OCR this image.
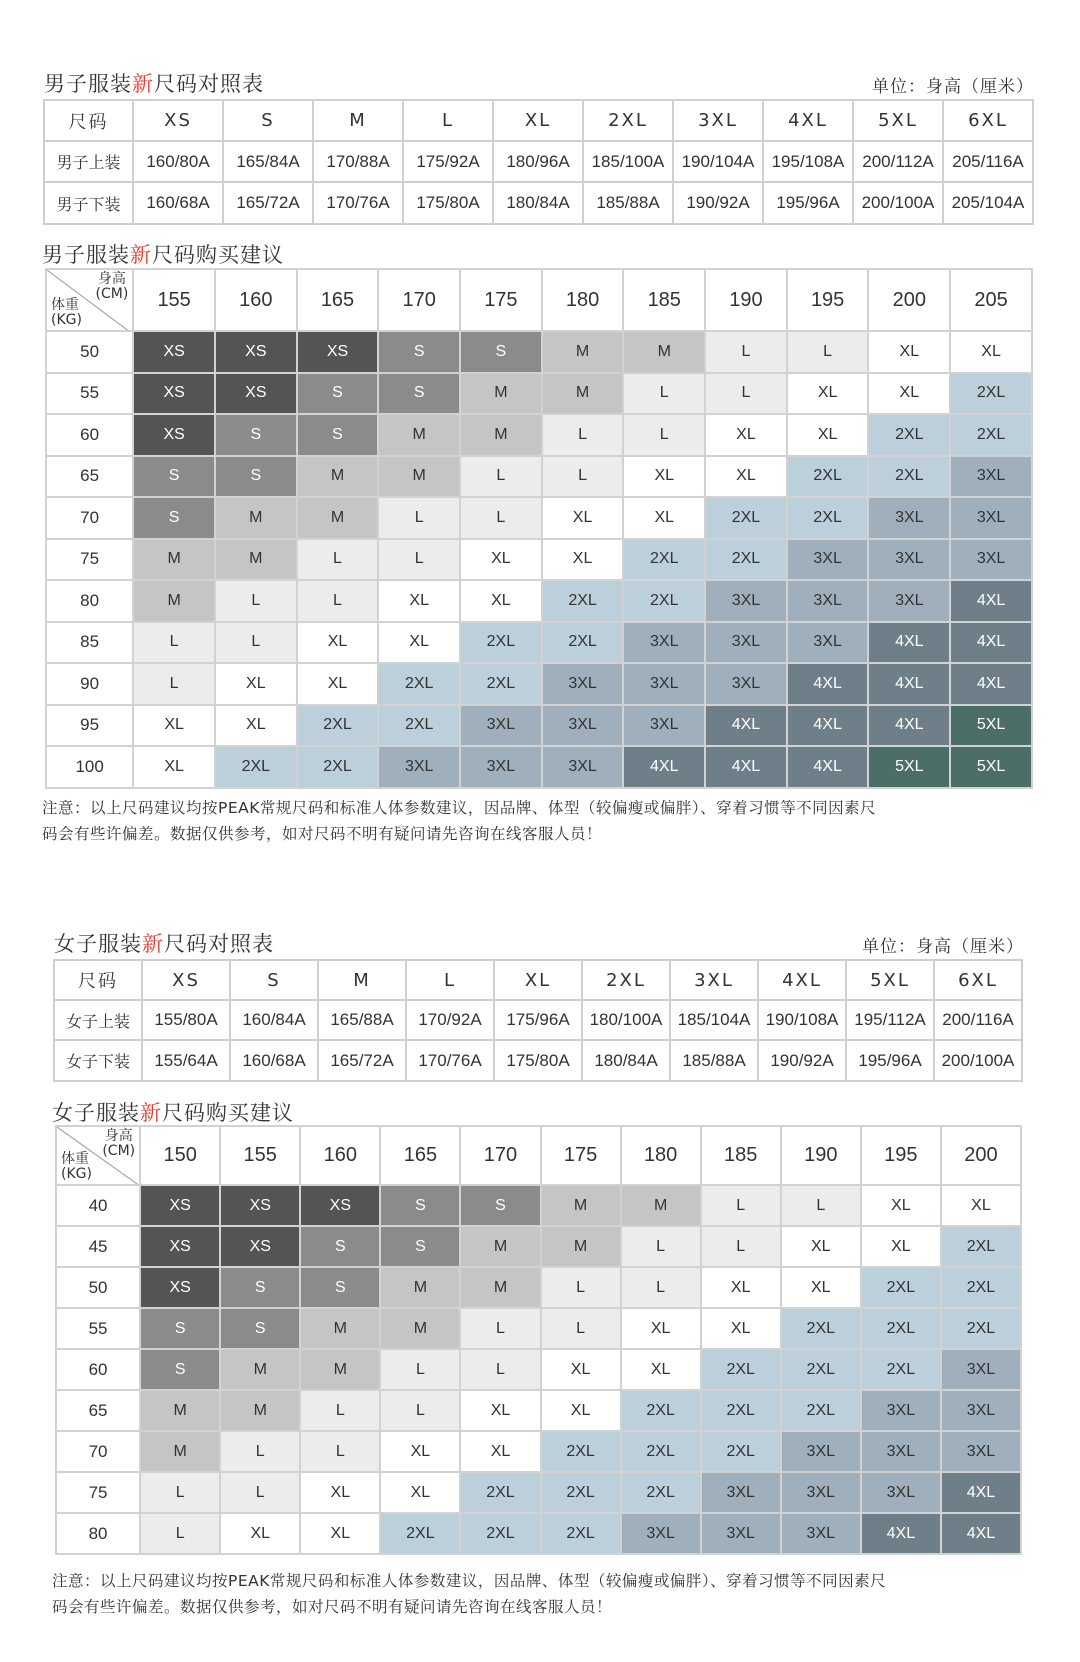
男子服装新尺码对照表	单位：身高（厘米）
尺码	XS	S	M	L	XL	2XL	3XL	4XL	5XL	6XL
男子上装	160/80A	165/84A	170/88A	175/92A	180/96A	185/100A	190/104A	195/108A	200/112A	205/116A
男子下装	160/68A	165/72A	170/76A	175/80A	180/84A	185/88A	190/92A	195/96A	200/100A	205/104A
男子服装新尺码购买建议
身高
(CM)
体重
(KG)	155	160	165	170	175	180	185	190	195	200	205
50	XS	XS	XS	S	S	M	M	L	L	XL	XL
55	XS	XS	S	S	M	M	L	L	XL	XL	2XL
60	XS	S	S	M	M	L	L	XL	XL	2XL	2XL
65	S	S	M	M	L	L	XL	XL	2XL	2XL	3XL
70	S	M	M	L	L	XL	XL	2XL	2XL	3XL	3XL
75	M	M	L	L	XL	XL	2XL	2XL	3XL	3XL	3XL
80	M	L	L	XL	XL	2XL	2XL	3XL	3XL	3XL	4XL
85	L	L	XL	XL	2XL	2XL	3XL	3XL	3XL	4XL	4XL
90	L	XL	XL	2XL	2XL	3XL	3XL	3XL	4XL	4XL	4XL
95	XL	XL	2XL	2XL	3XL	3XL	3XL	4XL	4XL	4XL	5XL
100	XL	2XL	2XL	3XL	3XL	3XL	4XL	4XL	4XL	5XL	5XL
注意：以上尺码建议均按PEAK常规尺码和标准人体参数建议，因品牌、体型（较偏瘦或偏胖）、穿着习惯等不同因素尺
码会有些许偏差。数据仅供参考，如对尺码不明有疑问请先咨询在线客服人员！
女子服装新尺码对照表	单位：身高（厘米）
尺码	XS	S	M	L	XL	2XL	3XL	4XL	5XL	6XL
女子上装	155/80A	160/84A	165/88A	170/92A	175/96A	180/100A	185/104A	190/108A	195/112A	200/116A
女子下装	155/64A	160/68A	165/72A	170/76A	175/80A	180/84A	185/88A	190/92A	195/96A	200/100A
女子服装新尺码购买建议
身高
(CM)
体重
(KG)	150	155	160	165	170	175	180	185	190	195	200
40	XS	XS	XS	S	S	M	M	L	L	XL	XL
45	XS	XS	S	S	M	M	L	L	XL	XL	2XL
50	XS	S	S	M	M	L	L	XL	XL	2XL	2XL
55	S	S	M	M	L	L	XL	XL	2XL	2XL	2XL
60	S	M	M	L	L	XL	XL	2XL	2XL	2XL	3XL
65	M	M	L	L	XL	XL	2XL	2XL	2XL	3XL	3XL
70	M	L	L	XL	XL	2XL	2XL	2XL	3XL	3XL	3XL
75	L	L	XL	XL	2XL	2XL	2XL	3XL	3XL	3XL	4XL
80	L	XL	XL	2XL	2XL	2XL	3XL	3XL	3XL	4XL	4XL
注意：以上尺码建议均按PEAK常规尺码和标准人体参数建议，因品牌、体型（较偏瘦或偏胖）、穿着习惯等不同因素尺
码会有些许偏差。数据仅供参考，如对尺码不明有疑问请先咨询在线客服人员！
